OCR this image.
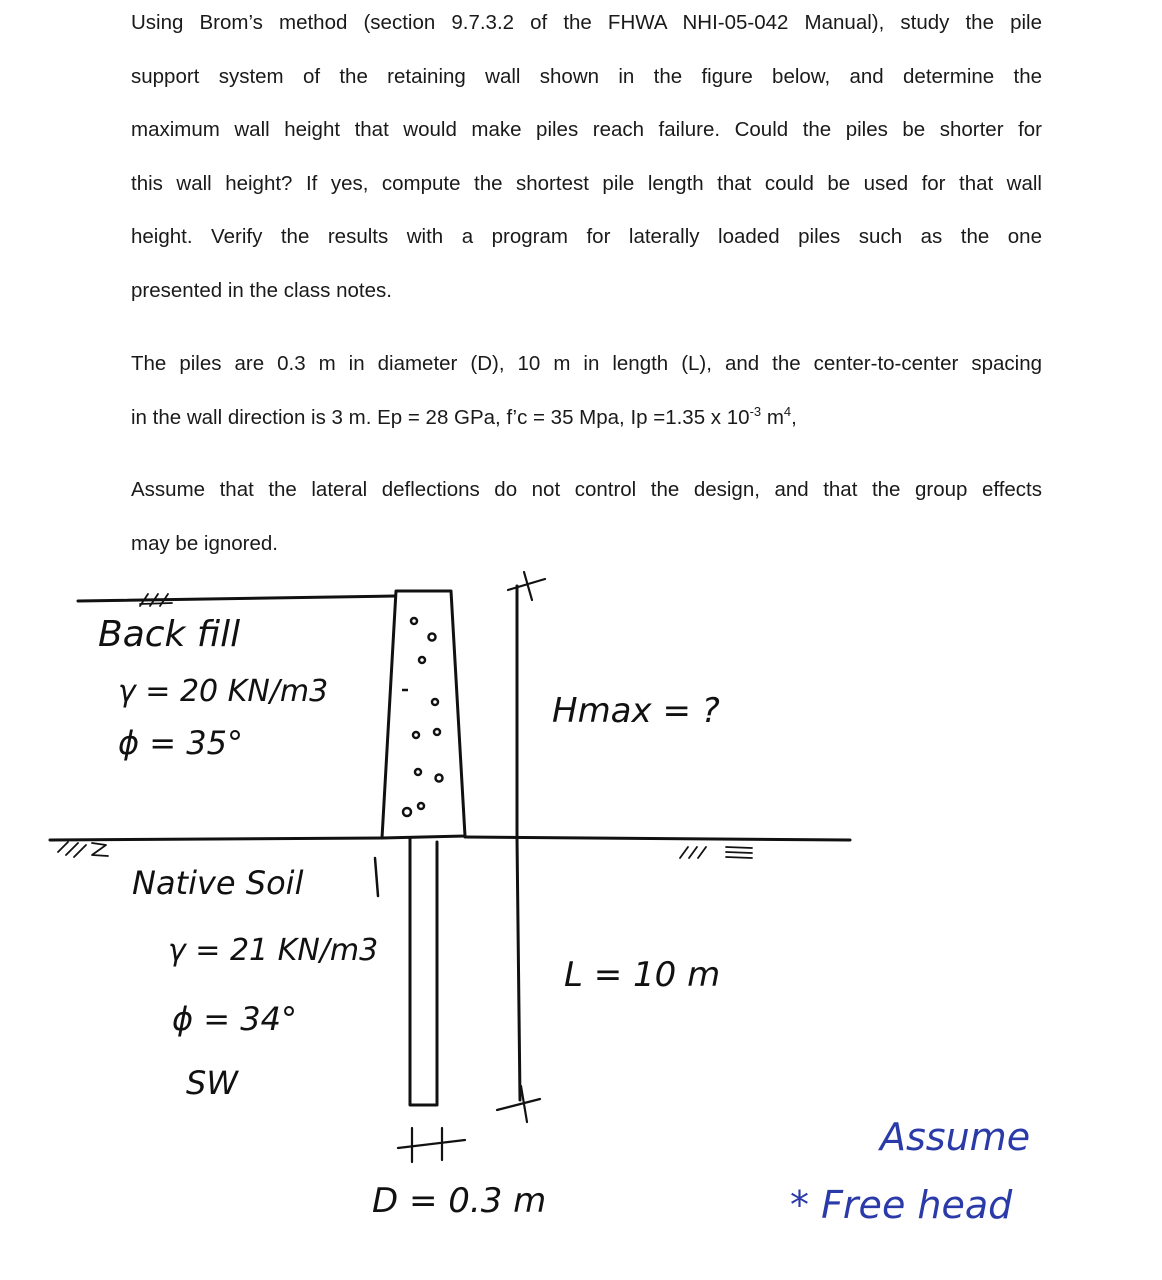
Using Brom’s method (section 9.7.3.2 of the FHWA NHI-05-042 Manual), study the pile
support system of the retaining wall shown in the figure below, and determine the
maximum wall height that would make piles reach failure. Could the piles be shorter for
this wall height? If yes, compute the shortest pile length that could be used for that wall
height. Verify the results with a program for laterally loaded piles such as the one
presented in the class notes.
The piles are 0.3 m in diameter (D), 10 m in length (L), and the center-to-center spacing
in the wall direction is 3 m. Ep = 28 GPa, f’c = 35 Mpa, Ip =1.35 x $10^{-3}$ $m^4$,
Assume that the lateral deflections do not control the design, and that the group effects
may be ignored.
Back fill
γ = 20 KN/m3
ϕ = 35°
Hmax = ?
Native Soil
γ = 21 KN/m3
ϕ = 34°
SW
L = 10 m
D = 0.3 m
Assume
* Free head
